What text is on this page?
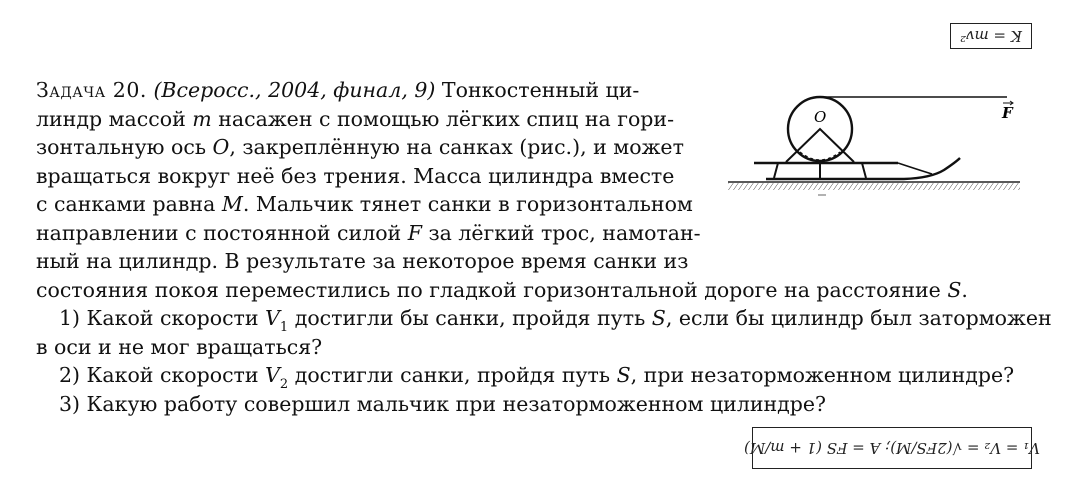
K = mv²
Задача 20. (Всеросс., 2004, финал, 9) Тонкостенный ци-
линдр массой m насажен с помощью лёгких спиц на гори-
зонтальную ось O, закреплённую на санках (рис.), и может
вращаться вокруг неё без трения. Масса цилиндра вместе
с санками равна M. Мальчик тянет санки в горизонтальном
направлении с постоянной силой F за лёгкий трос, намотан-
ный на цилиндр. В результате за некоторое время санки из
состояния покоя переместились по гладкой горизонтальной дороге на расстояние S.
1) Какой скорости $V_1$ достигли бы санки, пройдя путь S, если бы цилиндр был заторможен
в оси и не мог вращаться?
2) Какой скорости $V_2$ достигли санки, пройдя путь S, при незаторможенном цилиндре?
3) Какую работу совершил мальчик при незаторможенном цилиндре?
O	F
V₁ = V₂ = √(2FS/M); A = FS (1 + m/M)
